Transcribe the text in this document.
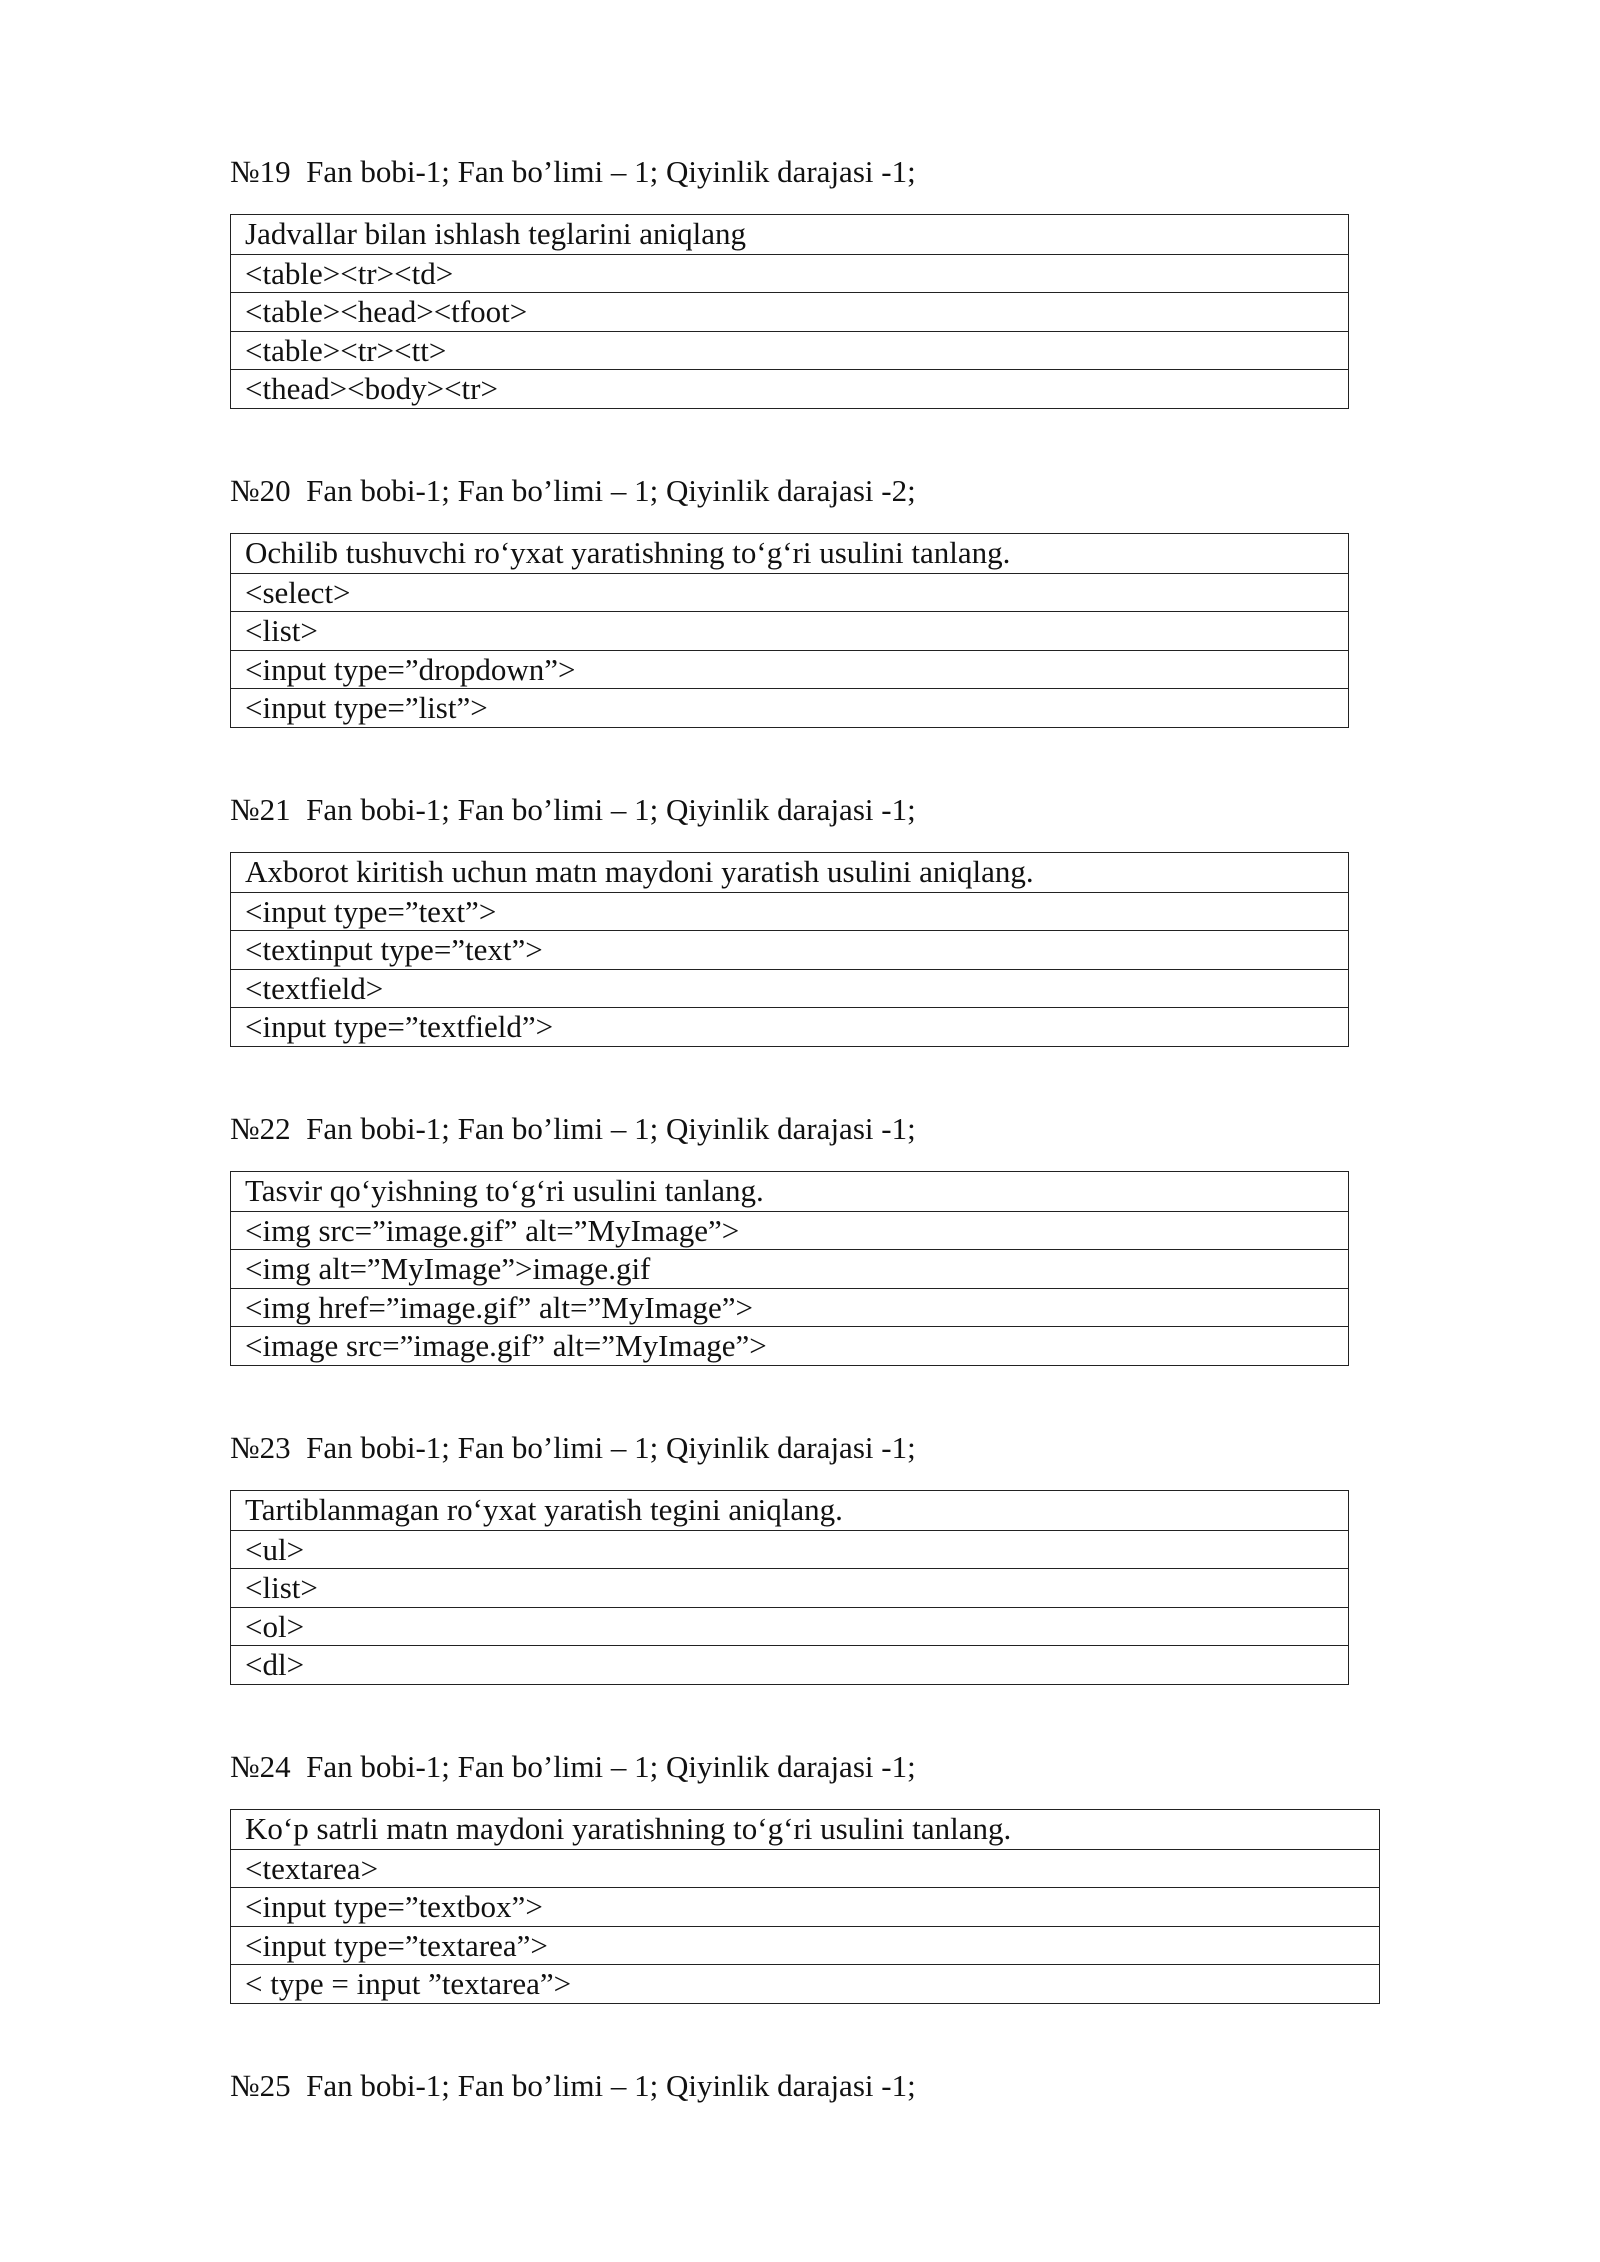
№19  Fan bobi-1; Fan bo’limi – 1; Qiyinlik darajasi -1;

Jadvallar bilan ishlash teglarini aniqlang
<table><tr><td>
<table><head><tfoot>
<table><tr><tt>
<thead><body><tr>

№20  Fan bobi-1; Fan bo’limi – 1; Qiyinlik darajasi -2;

Ochilib tushuvchi ro‘yxat yaratishning to‘g‘ri usulini tanlang.
<select>
<list>
<input type=”dropdown”>
<input type=”list”>

№21  Fan bobi-1; Fan bo’limi – 1; Qiyinlik darajasi -1;

Axborot kiritish uchun matn maydoni yaratish usulini aniqlang.
<input type=”text”>
<textinput type=”text”>
<textfield>
<input type=”textfield”>

№22  Fan bobi-1; Fan bo’limi – 1; Qiyinlik darajasi -1;

Tasvir qo‘yishning to‘g‘ri usulini tanlang.
<img src=”image.gif” alt=”MyImage”>
<img alt=”MyImage”>image.gif
<img href=”image.gif” alt=”MyImage”>
<image src=”image.gif” alt=”MyImage”>

№23  Fan bobi-1; Fan bo’limi – 1; Qiyinlik darajasi -1;

Tartiblanmagan ro‘yxat yaratish tegini aniqlang.
<ul>
<list>
<ol>
<dl>

№24  Fan bobi-1; Fan bo’limi – 1; Qiyinlik darajasi -1;

Ko‘p satrli matn maydoni yaratishning to‘g‘ri usulini tanlang.
<textarea>
<input type=”textbox”>
<input type=”textarea”>
< type = input ”textarea”>

№25  Fan bobi-1; Fan bo’limi – 1; Qiyinlik darajasi -1;
